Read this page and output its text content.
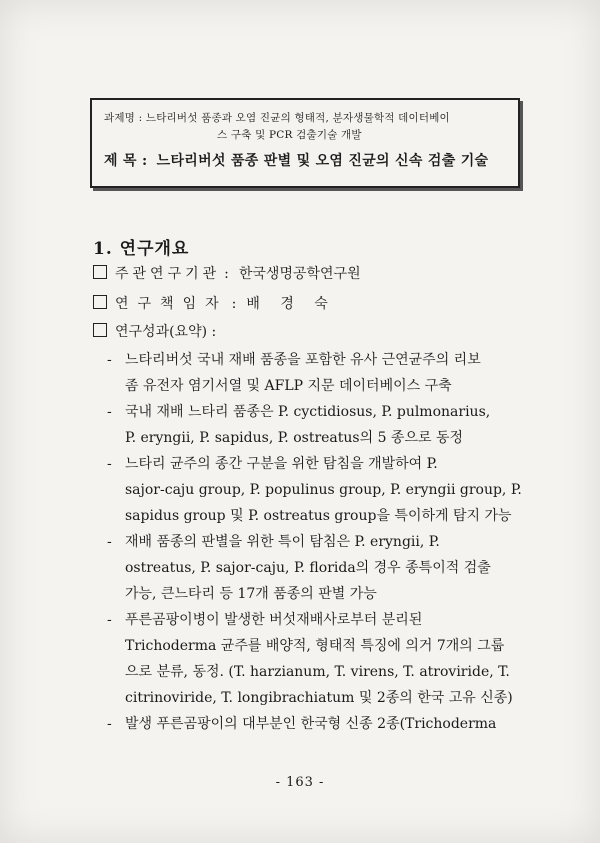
과제명 : 느타리버섯 품종과 오염 진균의 형태적, 분자생물학적 데이터베이
스 구축 및 PCR 검출기술 개발
제 목 : 느타리버섯 품종 판별 및 오염 진균의 신속 검출 기술
1. 연구개요
주관연구기관 : 한국생명공학연구원
연구책임자 : 배 경 숙
연구성과(요약) :
- 느타리버섯 국내 재배 품종을 포함한 유사 근연균주의 리보
좀 유전자 염기서열 및 AFLP 지문 데이터베이스 구축
- 국내 재배 느타리 품종은 P. cyctidiosus, P. pulmonarius,
P. eryngii, P. sapidus, P. ostreatus의 5 종으로 동정
- 느타리 균주의 종간 구분을 위한 탐침을 개발하여 P.
sajor-caju group, P. populinus group, P. eryngii group, P.
sapidus group 및 P. ostreatus group을 특이하게 탐지 가능
- 재배 품종의 판별을 위한 특이 탐침은 P. eryngii, P.
ostreatus, P. sajor-caju, P. florida의 경우 종특이적 검출
가능, 큰느타리 등 17개 품종의 판별 가능
- 푸른곰팡이병이 발생한 버섯재배사로부터 분리된
Trichoderma 균주를 배양적, 형태적 특징에 의거 7개의 그룹
으로 분류, 동정. (T. harzianum, T. virens, T. atroviride, T.
citrinoviride, T. longibrachiatum 및 2종의 한국 고유 신종)
- 발생 푸른곰팡이의 대부분인 한국형 신종 2종(Trichoderma
- 163 -
